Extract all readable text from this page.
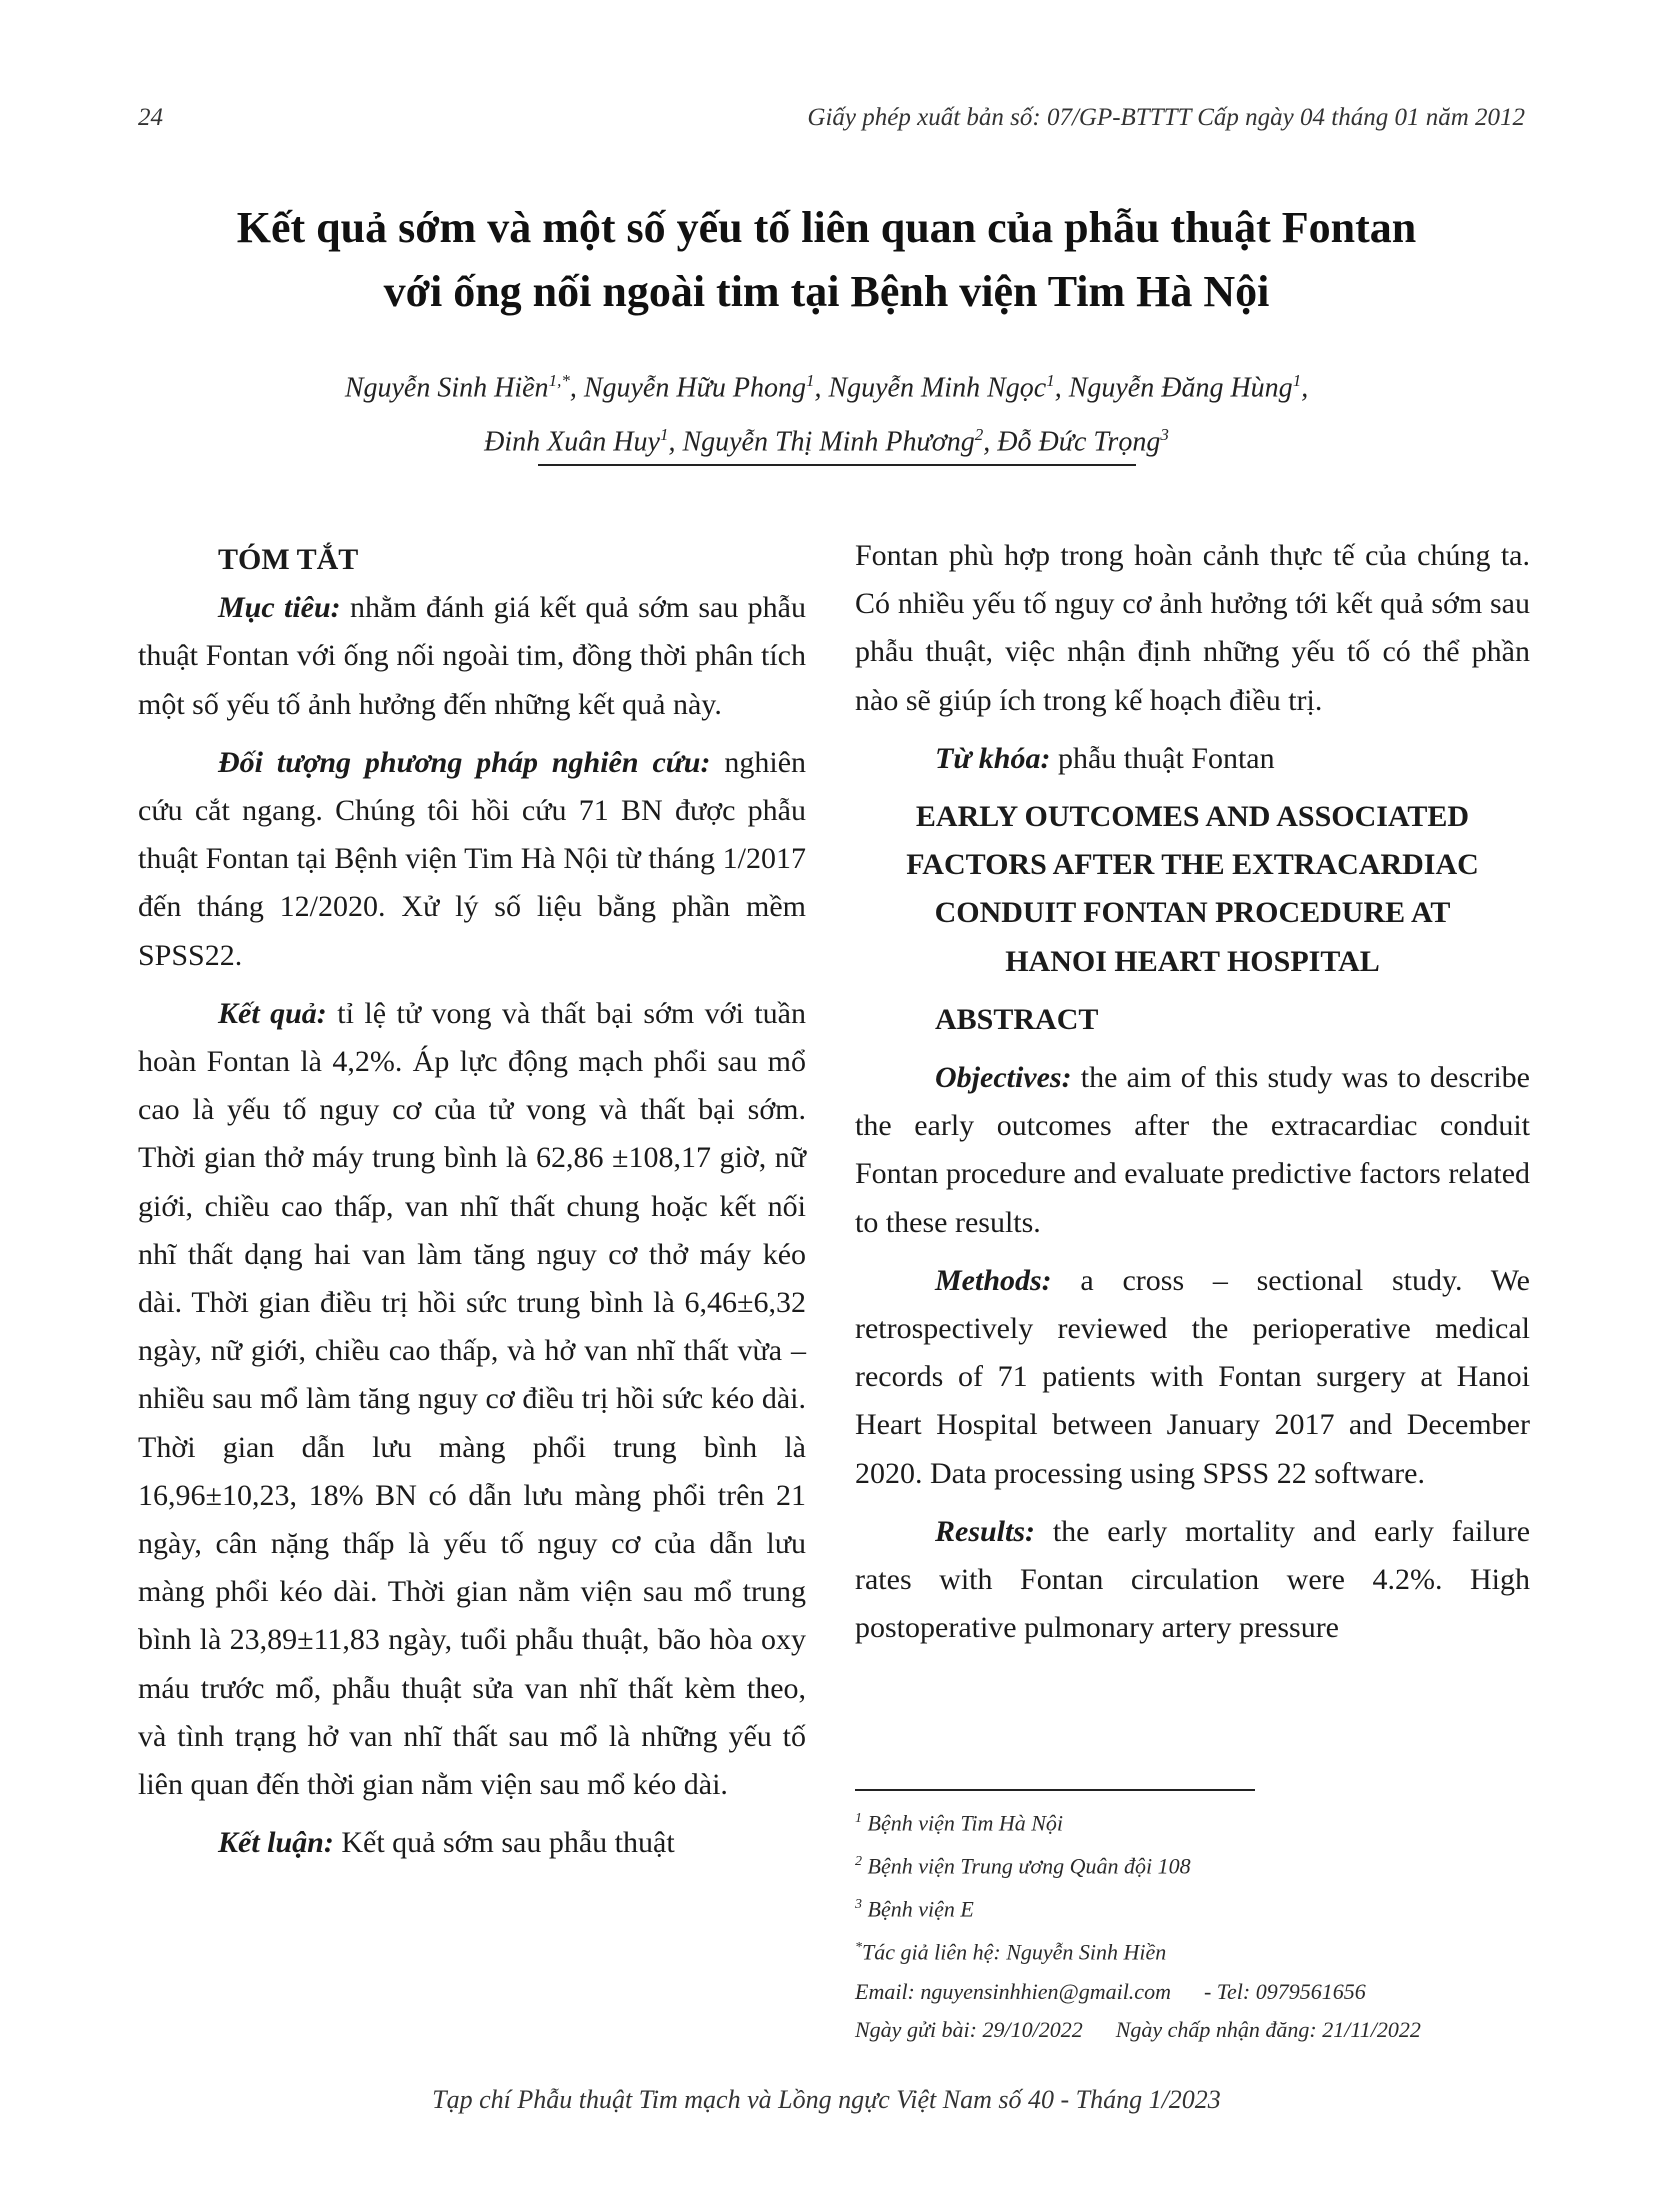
24	Giấy phép xuất bản số: 07/GP-BTTTT Cấp ngày 04 tháng 01 năm 2012
Kết quả sớm và một số yếu tố liên quan của phẫu thuật Fontan
với ống nối ngoài tim tại Bệnh viện Tim Hà Nội
Nguyễn Sinh Hiền$^{1,*}$, Nguyễn Hữu Phong$^1$, Nguyễn Minh Ngọc$^1$, Nguyễn Đăng Hùng$^1$,
Đinh Xuân Huy$^1$, Nguyễn Thị Minh Phương$^2$, Đỗ Đức Trọng$^3$

TÓM TẮT

Mục tiêu: nhằm đánh giá kết quả sớm sau phẫu thuật Fontan với ống nối ngoài tim, đồng thời phân tích một số yếu tố ảnh hưởng đến những kết quả này.

Đối tượng phương pháp nghiên cứu: nghiên cứu cắt ngang. Chúng tôi hồi cứu 71 BN được phẫu thuật Fontan tại Bệnh viện Tim Hà Nội từ tháng 1/2017 đến tháng 12/2020. Xử lý số liệu bằng phần mềm SPSS22.

Kết quả: tỉ lệ tử vong và thất bại sớm với tuần hoàn Fontan là 4,2%. Áp lực động mạch phổi sau mổ cao là yếu tố nguy cơ của tử vong và thất bại sớm. Thời gian thở máy trung bình là 62,86 ±108,17 giờ, nữ giới, chiều cao thấp, van nhĩ thất chung hoặc kết nối nhĩ thất dạng hai van làm tăng nguy cơ thở máy kéo dài. Thời gian điều trị hồi sức trung bình là 6,46±6,32 ngày, nữ giới, chiều cao thấp, và hở van nhĩ thất vừa – nhiều sau mổ làm tăng nguy cơ điều trị hồi sức kéo dài. Thời gian dẫn lưu màng phổi trung bình là 16,96±10,23, 18% BN có dẫn lưu màng phổi trên 21 ngày, cân nặng thấp là yếu tố nguy cơ của dẫn lưu màng phổi kéo dài. Thời gian nằm viện sau mổ trung bình là 23,89±11,83 ngày, tuổi phẫu thuật, bão hòa oxy máu trước mổ, phẫu thuật sửa van nhĩ thất kèm theo, và tình trạng hở van nhĩ thất sau mổ là những yếu tố liên quan đến thời gian nằm viện sau mổ kéo dài.

Kết luận: Kết quả sớm sau phẫu thuật

Fontan phù hợp trong hoàn cảnh thực tế của chúng ta. Có nhiều yếu tố nguy cơ ảnh hưởng tới kết quả sớm sau phẫu thuật, việc nhận định những yếu tố có thể phần nào sẽ giúp ích trong kế hoạch điều trị.

Từ khóa: phẫu thuật Fontan

EARLY OUTCOMES AND ASSOCIATED
FACTORS AFTER THE EXTRACARDIAC
CONDUIT FONTAN PROCEDURE AT
HANOI HEART HOSPITAL

ABSTRACT

Objectives: the aim of this study was to describe the early outcomes after the extracardiac conduit Fontan procedure and evaluate predictive factors related to these results.

Methods: a cross – sectional study. We retrospectively reviewed the perioperative medical records of 71 patients with Fontan surgery at Hanoi Heart Hospital between January 2017 and December 2020. Data processing using SPSS 22 software.

Results: the early mortality and early failure rates with Fontan circulation were 4.2%. High postoperative pulmonary artery pressure

$^1$ Bệnh viện Tim Hà Nội

$^2$ Bệnh viện Trung ương Quân đội 108

$^3$ Bệnh viện E

*Tác giả liên hệ: Nguyễn Sinh Hiền

Email: nguyensinhhien@gmail.com      - Tel: 0979561656

Ngày gửi bài: 29/10/2022      Ngày chấp nhận đăng: 21/11/2022

Tạp chí Phẫu thuật Tim mạch và Lồng ngực Việt Nam số 40 - Tháng 1/2023
